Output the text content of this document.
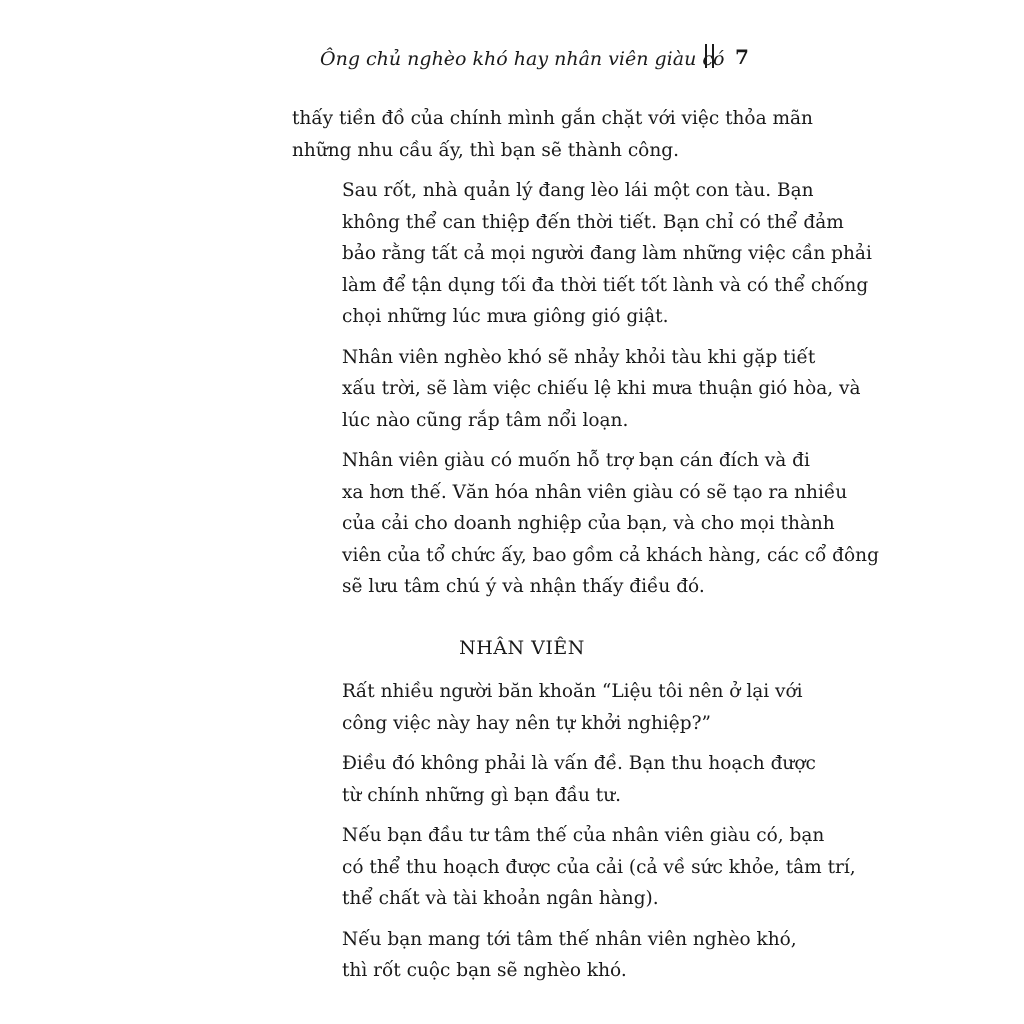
Ông chủ nghèo khó hay nhân viên giàu có 7

thấy tiền đồ của chính mình gắn chặt với việc thỏa mãn
những nhu cầu ấy, thì bạn sẽ thành công.

Sau rốt, nhà quản lý đang lèo lái một con tàu. Bạn
không thể can thiệp đến thời tiết. Bạn chỉ có thể đảm
bảo rằng tất cả mọi người đang làm những việc cần phải
làm để tận dụng tối đa thời tiết tốt lành và có thể chống
chọi những lúc mưa giông gió giật.

Nhân viên nghèo khó sẽ nhảy khỏi tàu khi gặp tiết
xấu trời, sẽ làm việc chiếu lệ khi mưa thuận gió hòa, và
lúc nào cũng rắp tâm nổi loạn.

Nhân viên giàu có muốn hỗ trợ bạn cán đích và đi
xa hơn thế. Văn hóa nhân viên giàu có sẽ tạo ra nhiều
của cải cho doanh nghiệp của bạn, và cho mọi thành
viên của tổ chức ấy, bao gồm cả khách hàng, các cổ đông
sẽ lưu tâm chú ý và nhận thấy điều đó.

NHÂN VIÊN

Rất nhiều người băn khoăn “Liệu tôi nên ở lại với
công việc này hay nên tự khởi nghiệp?”

Điều đó không phải là vấn đề. Bạn thu hoạch được
từ chính những gì bạn đầu tư.

Nếu bạn đầu tư tâm thế của nhân viên giàu có, bạn
có thể thu hoạch được của cải (cả về sức khỏe, tâm trí,
thể chất và tài khoản ngân hàng).

Nếu bạn mang tới tâm thế nhân viên nghèo khó,
thì rốt cuộc bạn sẽ nghèo khó.
